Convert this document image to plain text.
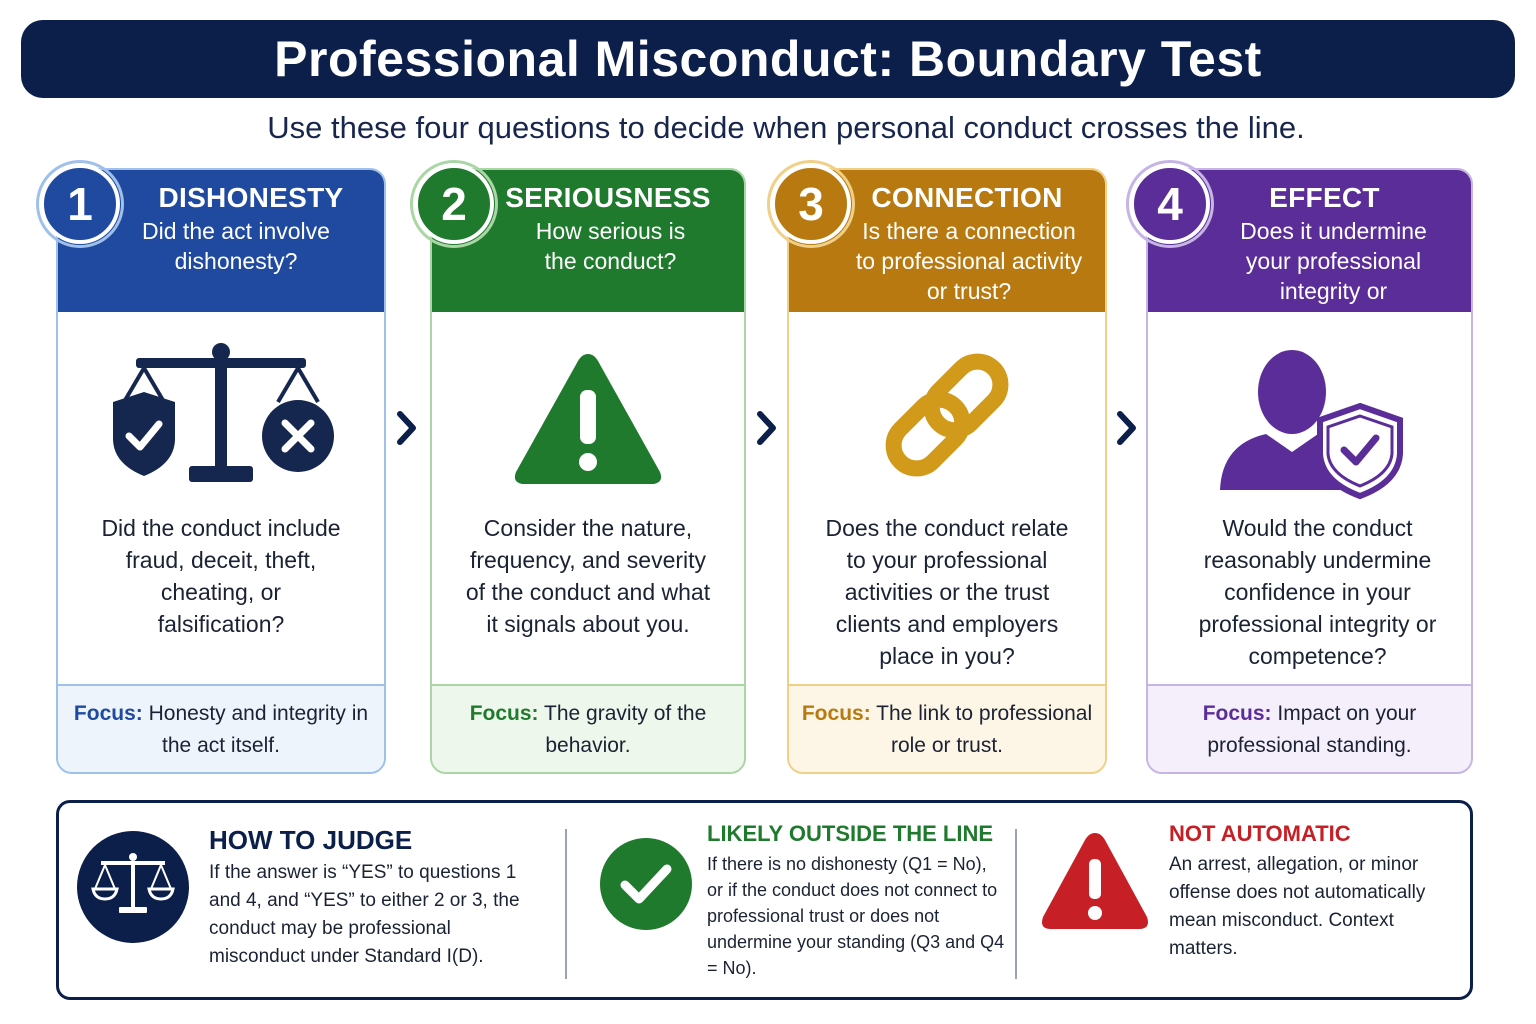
Professional Misconduct: Boundary Test
Use these four questions to decide when personal conduct crosses the line.
DISHONESTY
Did the act involve dishonesty?
Did the conduct include fraud, deceit, theft, cheating, or falsification?
Focus: Honesty and integrity in the act itself.
1	SERIOUSNESS
How serious is the conduct?
Consider the nature, frequency, and severity of the conduct and what it signals about you.
Focus: The gravity of the behavior.
2	CONNECTION
Is there a connection to professional activity or trust?
Does the conduct relate to your professional activities or the trust clients and employers place in you?
Focus: The link to professional role or trust.
3	EFFECT
Does it undermine your professional integrity or
Would the conduct reasonably undermine confidence in your professional integrity or competence?
Focus: Impact on your professional standing.
4
HOW TO JUDGE
If the answer is “YES” to questions 1 and 4, and “YES” to either 2 or 3, the conduct may be professional misconduct under Standard I(D).
LIKELY OUTSIDE THE LINE
If there is no dishonesty (Q1 = No), or if the conduct does not connect to professional trust or does not undermine your standing (Q3 and Q4 = No).
NOT AUTOMATIC
An arrest, allegation, or minor offense does not automatically mean misconduct. Context matters.
